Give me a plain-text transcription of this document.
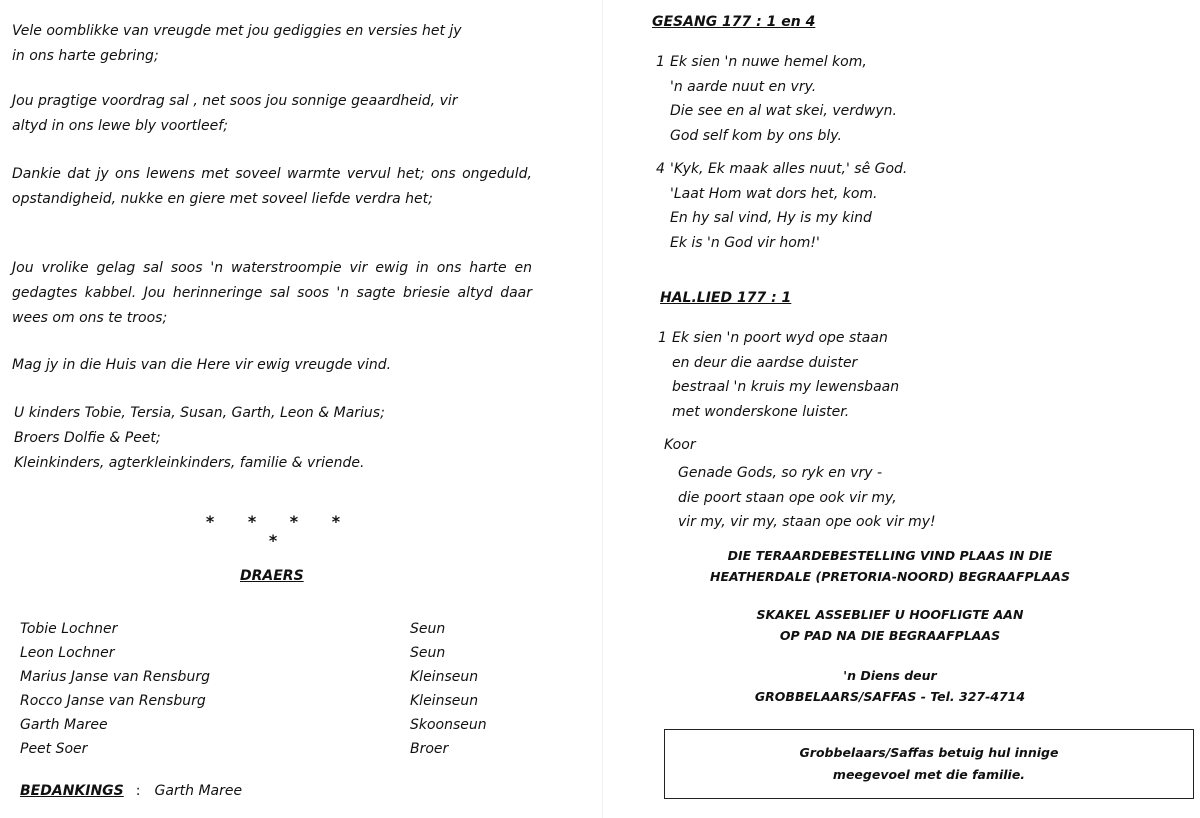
Vele oomblikke van vreugde met jou gediggies en versies het jy
in ons harte gebring;

Jou pragtige voordrag sal , net soos jou sonnige geaardheid, vir
altyd in ons lewe bly voortleef;

Dankie dat jy ons lewens met soveel warmte vervul het; ons ongeduld, opstandigheid, nukke en giere met soveel liefde verdra het;

Jou vrolike gelag sal soos 'n waterstroompie vir ewig in ons harte en gedagtes kabbel. Jou herinneringe sal soos 'n sagte briesie altyd daar wees om ons te troos;

Mag jy in die Huis van die Here vir ewig vreugde vind.

U kinders Tobie, Tersia, Susan, Garth, Leon & Marius;
Broers Dolfie & Peet;
Kleinkinders, agterkleinkinders, familie & vriende.

* * * * *
DRAERS
Tobie Lochner	Seun
Leon Lochner	Seun
Marius Janse van Rensburg	Kleinseun
Rocco Janse van Rensburg	Kleinseun
Garth Maree	Skoonseun
Peet Soer	Broer
BEDANKINGS : Garth Maree
GESANG 177 : 1 en 4
1 Ek sien 'n nuwe hemel kom,
'n aarde nuut en vry.
Die see en al wat skei, verdwyn.
God self kom by ons bly.
4 'Kyk, Ek maak alles nuut,' sê God.
'Laat Hom wat dors het, kom.
En hy sal vind, Hy is my kind
Ek is 'n God vir hom!'
HAL.LIED 177 : 1
1 Ek sien 'n poort wyd ope staan
en deur die aardse duister
bestraal 'n kruis my lewensbaan
met wonderskone luister.
Koor
Genade Gods, so ryk en vry -
die poort staan ope ook vir my,
vir my, vir my, staan ope ook vir my!
DIE TERAARDEBESTELLING VIND PLAAS IN DIE
HEATHERDALE (PRETORIA-NOORD) BEGRAAFPLAAS
SKAKEL ASSEBLIEF U HOOFLIGTE AAN
OP PAD NA DIE BEGRAAFPLAAS
'n Diens deur
GROBBELAARS/SAFFAS - Tel. 327-4714
Grobbelaars/Saffas betuig hul innige
meegevoel met die familie.
